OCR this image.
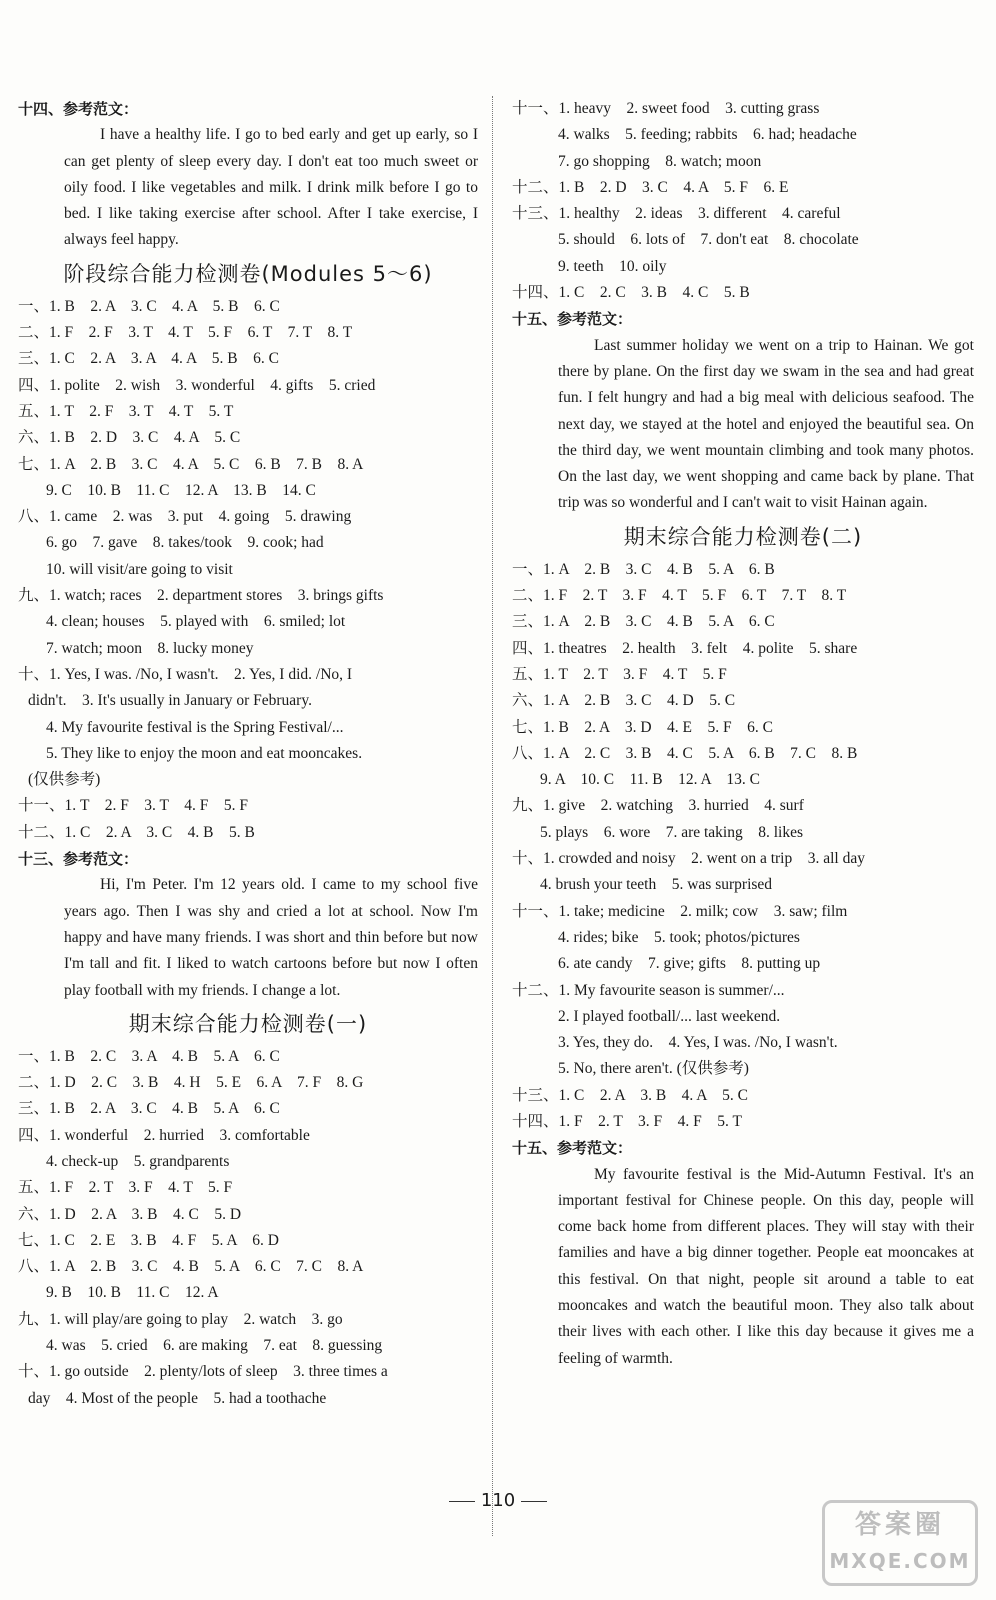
十四、参考范文：

I have a healthy life. I go to bed early and get up early, so I can get plenty of sleep every day. I don't eat too much sweet or oily food. I like vegetables and milk. I drink milk before I go to bed. I like taking exercise after school. After I take exercise, I always feel happy.

阶段综合能力检测卷(Modules 5～6)
一、1. B　2. A　3. C　4. A　5. B　6. C
二、1. F　2. F　3. T　4. T　5. F　6. T　7. T　8. T
三、1. C　2. A　3. A　4. A　5. B　6. C
四、1. polite　2. wish　3. wonderful　4. gifts　5. cried
五、1. T　2. F　3. T　4. T　5. T
六、1. B　2. D　3. C　4. A　5. C
七、1. A　2. B　3. C　4. A　5. C　6. B　7. B　8. A
9. C　10. B　11. C　12. A　13. B　14. C
八、1. came　2. was　3. put　4. going　5. drawing
6. go　7. gave　8. takes/took　9. cook; had
10. will visit/are going to visit
九、1. watch; races　2. department stores　3. brings gifts
4. clean; houses　5. played with　6. smiled; lot
7. watch; moon　8. lucky money
十、1. Yes, I was. /No, I wasn't.　2. Yes, I did. /No, I
didn't.　3. It's usually in January or February.
4. My favourite festival is the Spring Festival/...
5. They like to enjoy the moon and eat mooncakes.
(仅供参考)
十一、1. T　2. F　3. T　4. F　5. F
十二、1. C　2. A　3. C　4. B　5. B
十三、参考范文：

Hi, I'm Peter. I'm 12 years old. I came to my school five years ago. Then I was shy and cried a lot at school. Now I'm happy and have many friends. I was short and thin before but now I'm tall and fit. I liked to watch cartoons before but now I often play football with my friends. I change a lot.

期末综合能力检测卷(一)
一、1. B　2. C　3. A　4. B　5. A　6. C
二、1. D　2. C　3. B　4. H　5. E　6. A　7. F　8. G
三、1. B　2. A　3. C　4. B　5. A　6. C
四、1. wonderful　2. hurried　3. comfortable
4. check-up　5. grandparents
五、1. F　2. T　3. F　4. T　5. F
六、1. D　2. A　3. B　4. C　5. D
七、1. C　2. E　3. B　4. F　5. A　6. D
八、1. A　2. B　3. C　4. B　5. A　6. C　7. C　8. A
9. B　10. B　11. C　12. A
九、1. will play/are going to play　2. watch　3. go
4. was　5. cried　6. are making　7. eat　8. guessing
十、1. go outside　2. plenty/lots of sleep　3. three times a
day　4. Most of the people　5. had a toothache
十一、1. heavy　2. sweet food　3. cutting grass
4. walks　5. feeding; rabbits　6. had; headache
7. go shopping　8. watch; moon
十二、1. B　2. D　3. C　4. A　5. F　6. E
十三、1. healthy　2. ideas　3. different　4. careful
5. should　6. lots of　7. don't eat　8. chocolate
9. teeth　10. oily
十四、1. C　2. C　3. B　4. C　5. B
十五、参考范文：

Last summer holiday we went on a trip to Hainan. We got there by plane. On the first day we swam in the sea and had great fun. I felt hungry and had a big meal with delicious seafood. The next day, we stayed at the hotel and enjoyed the beautiful sea. On the third day, we went mountain climbing and took many photos. On the last day, we went shopping and came back by plane. That trip was so wonderful and I can't wait to visit Hainan again.

期末综合能力检测卷(二)
一、1. A　2. B　3. C　4. B　5. A　6. B
二、1. F　2. T　3. F　4. T　5. F　6. T　7. T　8. T
三、1. A　2. B　3. C　4. B　5. A　6. C
四、1. theatres　2. health　3. felt　4. polite　5. share
五、1. T　2. T　3. F　4. T　5. F
六、1. A　2. B　3. C　4. D　5. C
七、1. B　2. A　3. D　4. E　5. F　6. C
八、1. A　2. C　3. B　4. C　5. A　6. B　7. C　8. B
9. A　10. C　11. B　12. A　13. C
九、1. give　2. watching　3. hurried　4. surf
5. plays　6. wore　7. are taking　8. likes
十、1. crowded and noisy　2. went on a trip　3. all day
4. brush your teeth　5. was surprised
十一、1. take; medicine　2. milk; cow　3. saw; film
4. rides; bike　5. took; photos/pictures
6. ate candy　7. give; gifts　8. putting up
十二、1. My favourite season is summer/...
2. I played football/... last weekend.
3. Yes, they do.　4. Yes, I was. /No, I wasn't.
5. No, there aren't. (仅供参考)
十三、1. C　2. A　3. B　4. A　5. C
十四、1. F　2. T　3. F　4. F　5. T
十五、参考范文：

My favourite festival is the Mid-Autumn Festival. It's an important festival for Chinese people. On this day, people will come back home from different places. They will stay with their families and have a big dinner together. People eat mooncakes at this festival. On that night, people sit around a table to eat mooncakes and watch the beautiful moon. They also talk about their lives with each other. I like this day because it gives me a feeling of warmth.

110
答案圈
MXQE.COM
